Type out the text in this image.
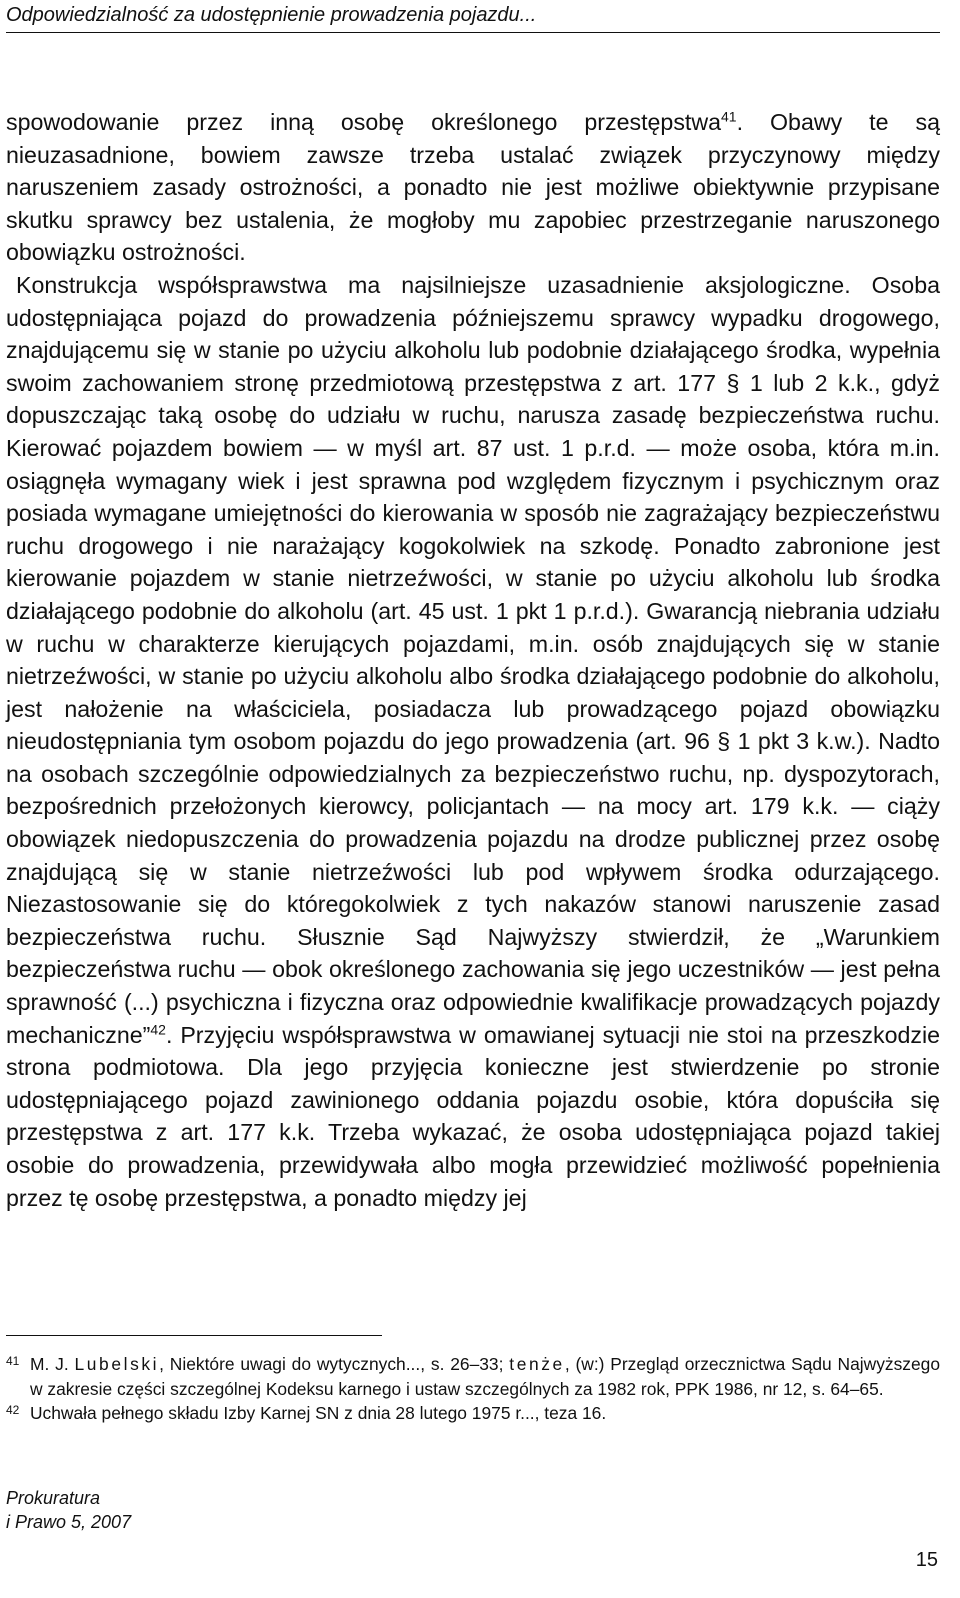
Odpowiedzialność za udostępnienie prowadzenia pojazdu...

spowodowanie przez inną osobę określonego przestępstwa$^{41}$. Obawy te są nieuzasadnione, bowiem zawsze trzeba ustalać związek przyczynowy między naruszeniem zasady ostrożności, a ponadto nie jest możliwe obiektywnie przypisane skutku sprawcy bez ustalenia, że mogłoby mu zapobiec przestrzeganie naruszonego obowiązku ostrożności.

Konstrukcja współsprawstwa ma najsilniejsze uzasadnienie aksjologiczne. Osoba udostępniająca pojazd do prowadzenia późniejszemu sprawcy wypadku drogowego, znajdującemu się w stanie po użyciu alkoholu lub podobnie działającego środka, wypełnia swoim zachowaniem stronę przedmiotową przestępstwa z art. 177 § 1 lub 2 k.k., gdyż dopuszczając taką osobę do udziału w ruchu, narusza zasadę bezpieczeństwa ruchu. Kierować pojazdem bowiem — w myśl art. 87 ust. 1 p.r.d. — może osoba, która m.in. osiągnęła wymagany wiek i jest sprawna pod względem fizycznym i psychicznym oraz posiada wymagane umiejętności do kierowania w sposób nie zagrażający bezpieczeństwu ruchu drogowego i nie narażający kogokolwiek na szkodę. Ponadto zabronione jest kierowanie pojazdem w stanie nietrzeźwości, w stanie po użyciu alkoholu lub środka działającego podobnie do alkoholu (art. 45 ust. 1 pkt 1 p.r.d.). Gwarancją niebrania udziału w ruchu w charakterze kierujących pojazdami, m.in. osób znajdujących się w stanie nietrzeźwości, w stanie po użyciu alkoholu albo środka działającego podobnie do alkoholu, jest nałożenie na właściciela, posiadacza lub prowadzącego pojazd obowiązku nieudostępniania tym osobom pojazdu do jego prowadzenia (art. 96 § 1 pkt 3 k.w.). Nadto na osobach szczególnie odpowiedzialnych za bezpieczeństwo ruchu, np. dyspozytorach, bezpośrednich przełożonych kierowcy, policjantach — na mocy art. 179 k.k. — ciąży obowiązek niedopuszczenia do prowadzenia pojazdu na drodze publicznej przez osobę znajdującą się w stanie nietrzeźwości lub pod wpływem środka odurzającego. Niezastosowanie się do któregokolwiek z tych nakazów stanowi naruszenie zasad bezpieczeństwa ruchu. Słusznie Sąd Najwyższy stwierdził, że „Warunkiem bezpieczeństwa ruchu — obok określonego zachowania się jego uczestników — jest pełna sprawność (...) psychiczna i fizyczna oraz odpowiednie kwalifikacje prowadzących pojazdy mechaniczne”$^{42}$. Przyjęciu współsprawstwa w omawianej sytuacji nie stoi na przeszkodzie strona podmiotowa. Dla jego przyjęcia konieczne jest stwierdzenie po stronie udostępniającego pojazd zawinionego oddania pojazdu osobie, która dopuściła się przestępstwa z art. 177 k.k. Trzeba wykazać, że osoba udostępniająca pojazd takiej osobie do prowadzenia, przewidywała albo mogła przewidzieć możliwość popełnienia przez tę osobę przestępstwa, a ponadto między jej

41 M. J. Lubelski, Niektóre uwagi do wytycznych..., s. 26–33; tenże, (w:) Przegląd orzecznictwa Sądu Najwyższego w zakresie części szczególnej Kodeksu karnego i ustaw szczególnych za 1982 rok, PPK 1986, nr 12, s. 64–65.
42 Uchwała pełnego składu Izby Karnej SN z dnia 28 lutego 1975 r..., teza 16.
Prokuratura
i Prawo 5, 2007
15
